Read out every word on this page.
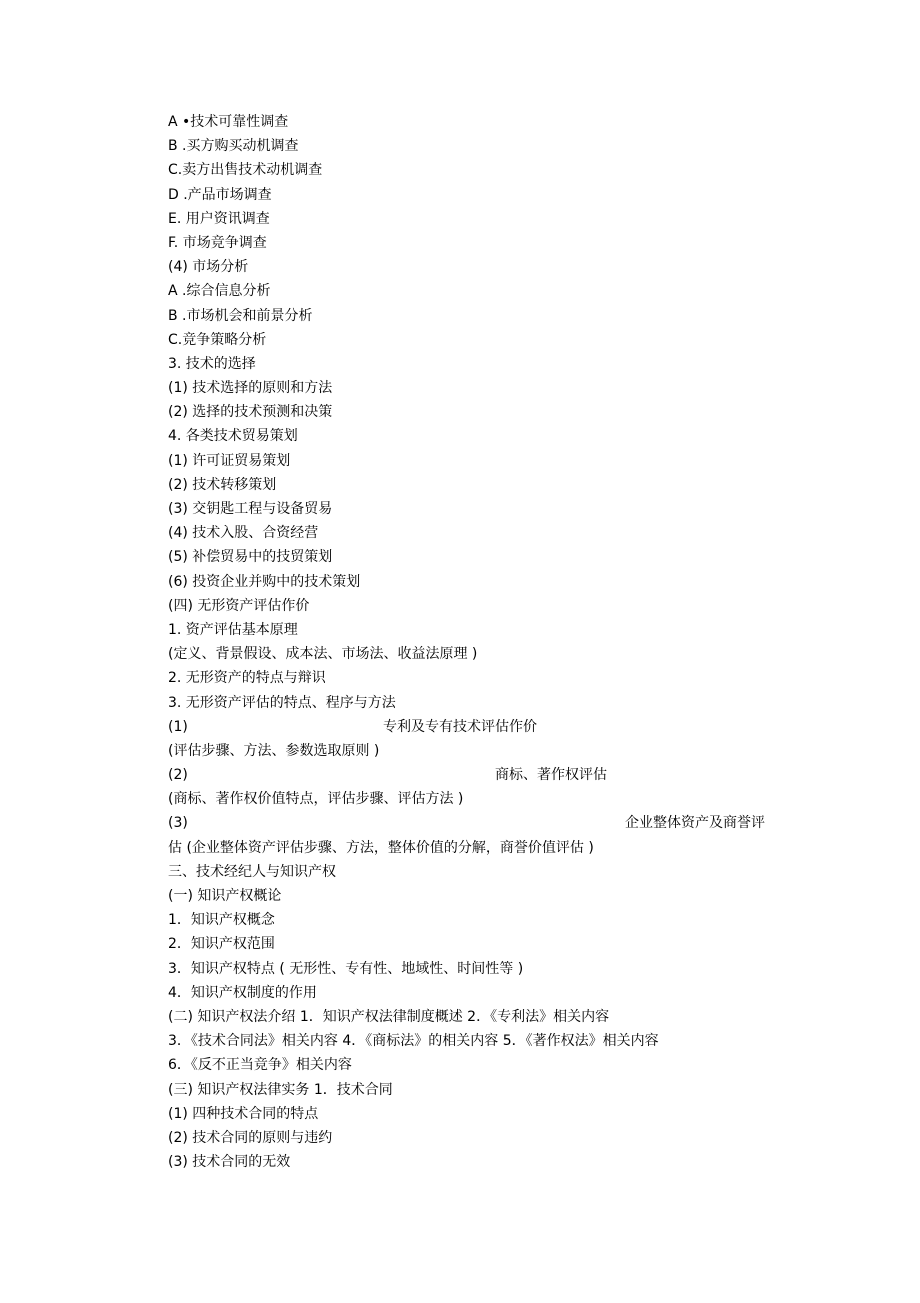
A •技术可靠性调查
B .买方购买动机调查
C.卖方出售技术动机调查
D .产品市场调查
E. 用户资讯调查
F. 市场竞争调查
(4) 市场分析
A .综合信息分析
B .市场机会和前景分析
C.竞争策略分析
3. 技术的选择
(1) 技术选择的原则和方法
(2) 选择的技术预测和决策
4. 各类技术贸易策划
(1) 许可证贸易策划
(2) 技术转移策划
(3) 交钥匙工程与设备贸易
(4) 技术入股、合资经营
(5) 补偿贸易中的技贸策划
(6) 投资企业并购中的技术策划
(四) 无形资产评估作价
1. 资产评估基本原理
(定义、背景假设、成本法、市场法、收益法原理 )
2. 无形资产的特点与辩识
3. 无形资产评估的特点、程序与方法
(1)	专利及专有技术评估作价
(评估步骤、方法、参数选取原则 )
(2)	商标、著作权评估
(商标、著作权价值特点，评估步骤、评估方法 )
(3)	企业整体资产及商誉评
估 (企业整体资产评估步骤、方法，整体价值的分解，商誉价值评估 )
三、技术经纪人与知识产权
(一) 知识产权概论
1．知识产权概念
2．知识产权范围
3．知识产权特点 ( 无形性、专有性、地域性、时间性等 )
4．知识产权制度的作用
(二) 知识产权法介绍 1．知识产权法律制度概述 2．《专利法》相关内容
3．《技术合同法》相关内容 4．《商标法》的相关内容 5．《著作权法》相关内容
6．《反不正当竞争》相关内容
(三) 知识产权法律实务 1．技术合同
(1) 四种技术合同的特点
(2) 技术合同的原则与违约
(3) 技术合同的无效
